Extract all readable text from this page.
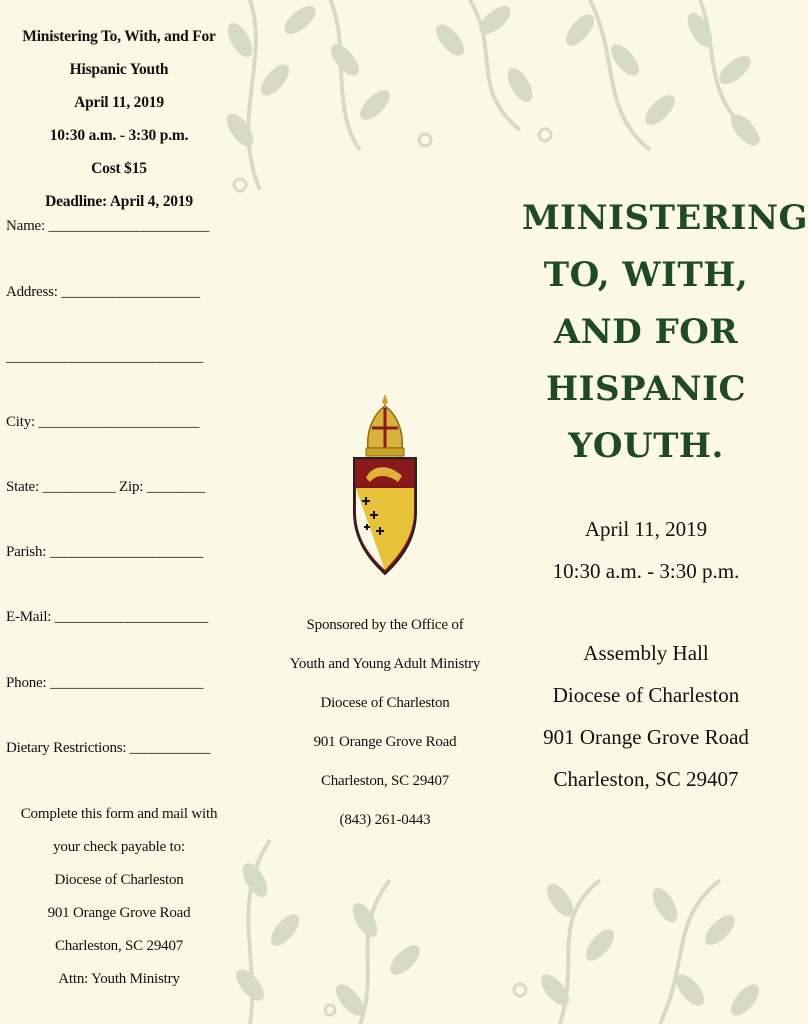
Ministering To, With, and For
Hispanic Youth
April 11, 2019
10:30 a.m. - 3:30 p.m.
Cost $15
Deadline: April 4, 2019
Name: ______________________
Address: ___________________
___________________________
City: ______________________
State: __________ Zip: ________
Parish: _____________________
E-Mail: _____________________
Phone: _____________________
Dietary Restrictions: ___________
Complete this form and mail with
your check payable to:
Diocese of Charleston
901 Orange Grove Road
Charleston, SC 29407
Attn: Youth Ministry
Sponsored by the Office of
Youth and Young Adult Ministry
Diocese of Charleston
901 Orange Grove Road
Charleston, SC 29407
(843) 261-0443
MINISTERING
TO, WITH,
AND FOR
HISPANIC
YOUTH.
April 11, 2019
10:30 a.m. - 3:30 p.m.
Assembly Hall
Diocese of Charleston
901 Orange Grove Road
Charleston, SC 29407
